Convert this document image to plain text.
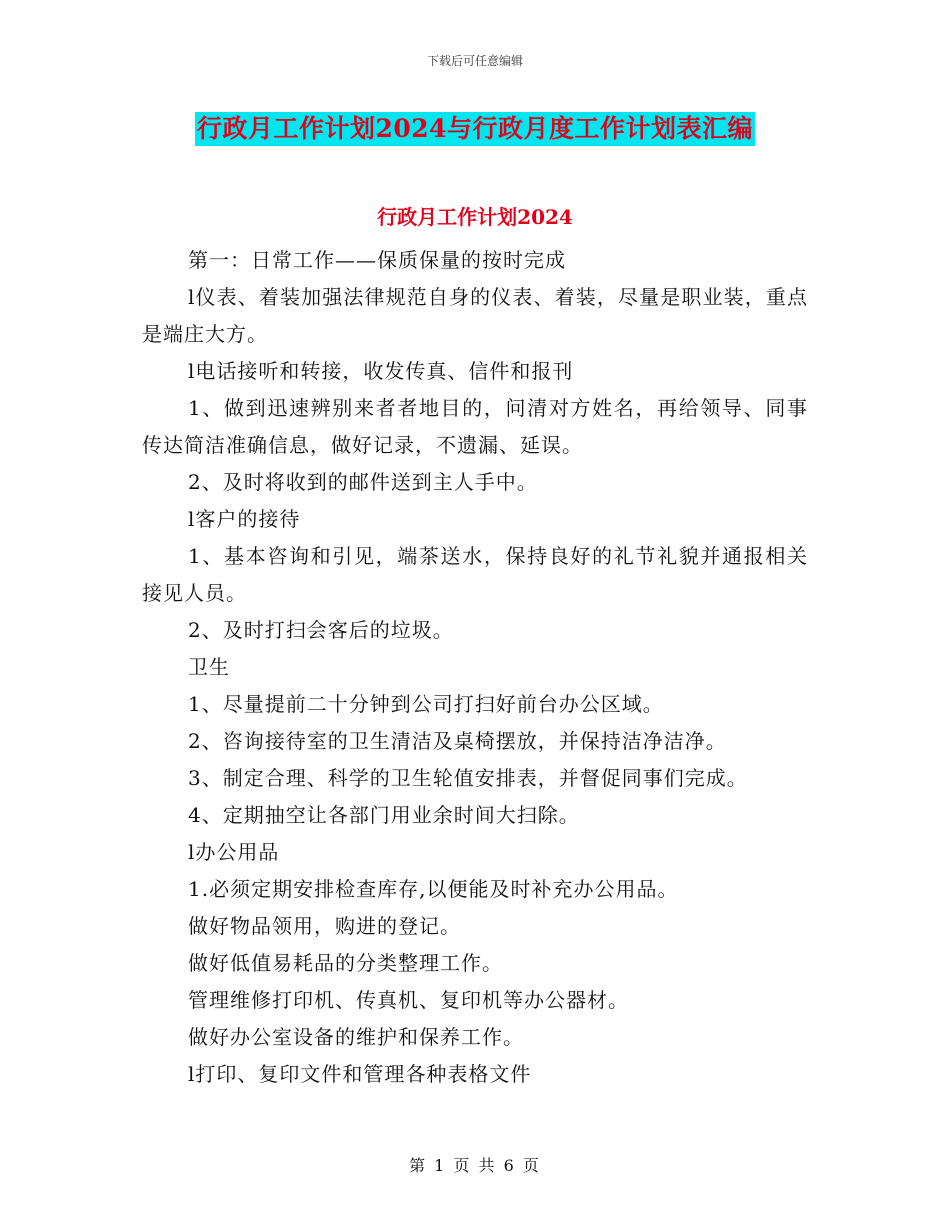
下载后可任意编辑
行政月工作计划2024与行政月度工作计划表汇编
行政月工作计划2024

第一：日常工作——保质保量的按时完成

l仪表、着装加强法律规范自身的仪表、着装，尽量是职业装，重点是端庄大方。

l电话接听和转接，收发传真、信件和报刊

1、做到迅速辨别来者者地目的，问清对方姓名，再给领导、同事传达简洁准确信息，做好记录，不遗漏、延误。

2、及时将收到的邮件送到主人手中。

l客户的接待

1、基本咨询和引见，端茶送水，保持良好的礼节礼貌并通报相关接见人员。

2、及时打扫会客后的垃圾。

卫生

1、尽量提前二十分钟到公司打扫好前台办公区域。

2、咨询接待室的卫生清洁及桌椅摆放，并保持洁净洁净。

3、制定合理、科学的卫生轮值安排表，并督促同事们完成。

4、定期抽空让各部门用业余时间大扫除。

l办公用品

1.必须定期安排检查库存,以便能及时补充办公用品。

做好物品领用，购进的登记。

做好低值易耗品的分类整理工作。

管理维修打印机、传真机、复印机等办公器材。

做好办公室设备的维护和保养工作。

l打印、复印文件和管理各种表格文件

第 1 页 共 6 页
